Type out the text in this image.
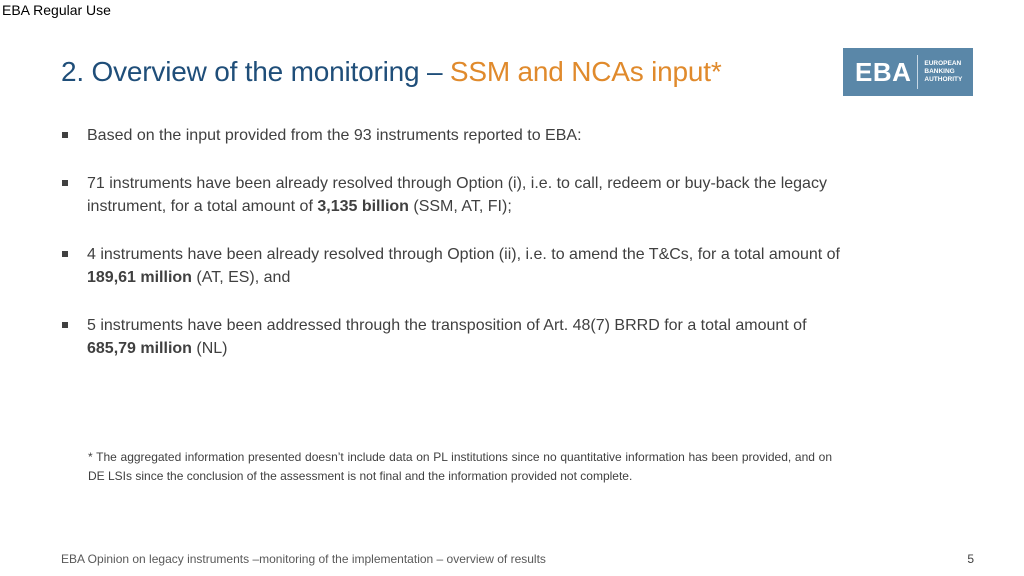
EBA Regular Use
2. Overview of the monitoring – SSM and NCAs input*	EBA EUROPEAN
BANKING
AUTHORITY
Based on the input provided from the 93 instruments reported to EBA:
71 instruments have been already resolved through Option (i), i.e. to call, redeem or buy-back the legacy instrument, for a total amount of 3,135 billion (SSM, AT, FI);
4 instruments have been already resolved through Option (ii), i.e. to amend the T&Cs, for a total amount of 189,61 million (AT, ES), and
5 instruments have been addressed through the transposition of Art. 48(7) BRRD for a total amount of 685,79 million (NL)
* The aggregated information presented doesn’t include data on PL institutions since no quantitative information has been provided, and on DE LSIs since the conclusion of the assessment is not final and the information provided not complete.
EBA Opinion on legacy instruments –monitoring of the implementation – overview of results	5
